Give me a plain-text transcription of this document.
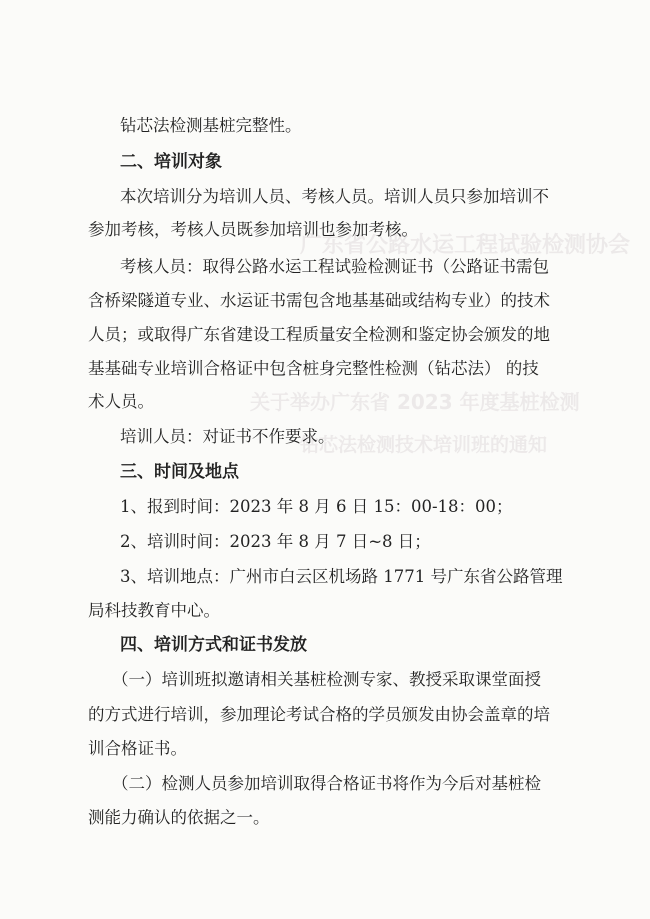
广东省公路水运工程试验检测协会
关于举办广东省 2023 年度基桩检测
钻芯法检测技术培训班的通知
钻芯法检测基桩完整性。
二、培训对象
本次培训分为培训人员、考核人员。培训人员只参加培训不
参加考核，考核人员既参加培训也参加考核。
考核人员：取得公路水运工程试验检测证书（公路证书需包
含桥梁隧道专业、水运证书需包含地基基础或结构专业）的技术
人员；或取得广东省建设工程质量安全检测和鉴定协会颁发的地
基基础专业培训合格证中包含桩身完整性检测（钻芯法） 的技
术人员。
培训人员：对证书不作要求。
三、时间及地点
1、报到时间：2023 年 8 月 6 日 15：00-18：00；
2、培训时间：2023 年 8 月 7 日~8 日；
3、培训地点：广州市白云区机场路 1771 号广东省公路管理
局科技教育中心。
四、培训方式和证书发放
（一）培训班拟邀请相关基桩检测专家、教授采取课堂面授
的方式进行培训，参加理论考试合格的学员颁发由协会盖章的培
训合格证书。
（二）检测人员参加培训取得合格证书将作为今后对基桩检
测能力确认的依据之一。
